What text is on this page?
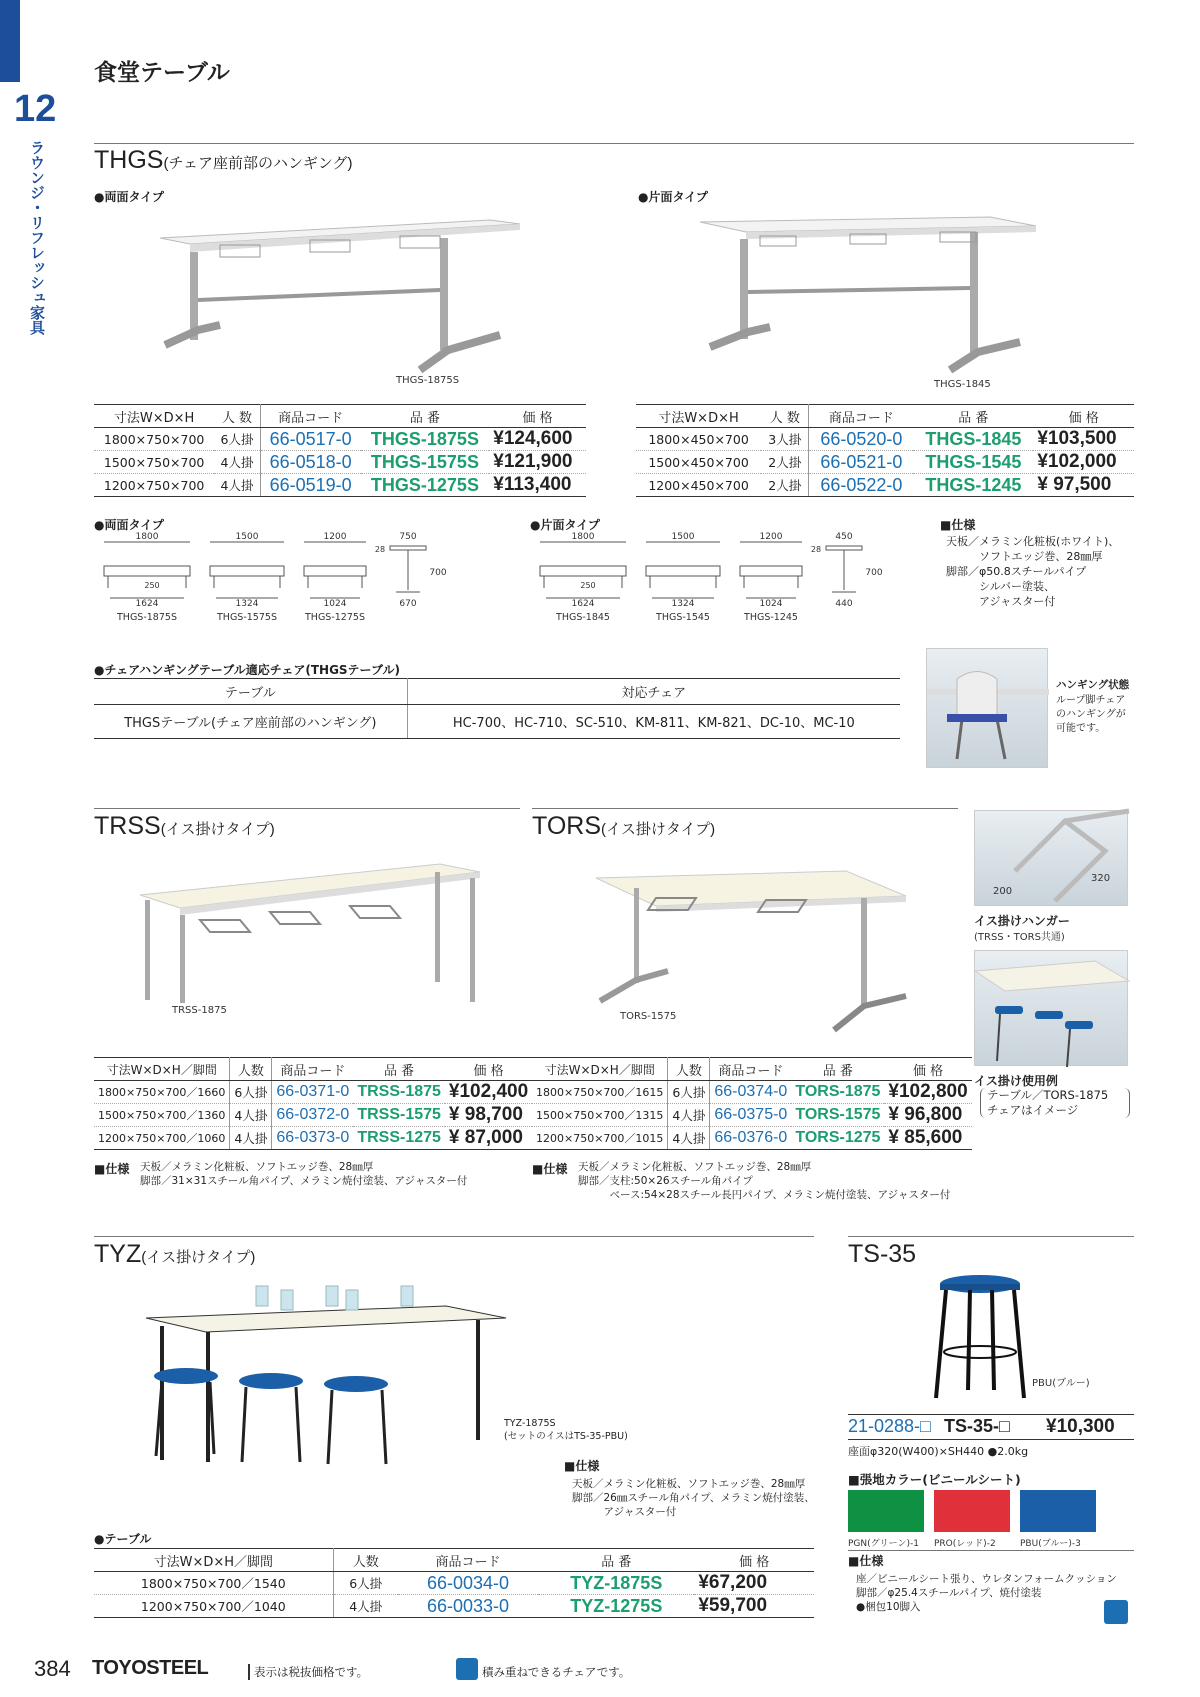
12
ラウンジ・リフレッシュ家具
食堂テーブル
THGS(チェア座前部のハンギング)
●両面タイプ	●片面タイプ
THGS-1875S	THGS-1845
寸法W×D×H	人 数	商品コード	品 番	価 格
1800×750×700	6人掛	66-0517-0	THGS-1875S	¥124,600
1500×750×700	4人掛	66-0518-0	THGS-1575S	¥121,900
1200×750×700	4人掛	66-0519-0	THGS-1275S	¥113,400
寸法W×D×H	人 数	商品コード	品 番	価 格
1800×450×700	3人掛	66-0520-0	THGS-1845	¥103,500
1500×450×700	2人掛	66-0521-0	THGS-1545	¥102,000
1200×450×700	2人掛	66-0522-0	THGS-1245	¥ 97,500
●両面タイプ	●片面タイプ
1800
1624
THGS-1875S
1500
1324
THGS-1575S
1200
1024
THGS-1275S
750
700
28
670
250
1800
1624
THGS-1845
1500
1324
THGS-1545
1200
1024
THGS-1245
450
700
28
440
250
■仕様
天板／メラミン化粧板(ホワイト)、
　　　ソフトエッジ巻、28㎜厚
脚部／φ50.8スチールパイプ
　　　シルバー塗装、
　　　アジャスター付
●チェアハンギングテーブル適応チェア(THGSテーブル)
テーブル	対応チェア
THGSテーブル(チェア座前部のハンギング)	HC-700、HC-710、SC-510、KM-811、KM-821、DC-10、MC-10
ハンギング状態
ループ脚チェア
のハンギングが
可能です。
TRSS(イス掛けタイプ)	TORS(イス掛けタイプ)
TRSS-1875
TORS-1575
寸法W×D×H／脚間	人数	商品コード	品 番	価 格
1800×750×700／1660	6人掛	66-0371-0	TRSS-1875	¥102,400
1500×750×700／1360	4人掛	66-0372-0	TRSS-1575	¥ 98,700
1200×750×700／1060	4人掛	66-0373-0	TRSS-1275	¥ 87,000
寸法W×D×H／脚間	人数	商品コード	品 番	価 格
1800×750×700／1615	6人掛	66-0374-0	TORS-1875	¥102,800
1500×750×700／1315	4人掛	66-0375-0	TORS-1575	¥ 96,800
1200×750×700／1015	4人掛	66-0376-0	TORS-1275	¥ 85,600
■仕様 天板／メラミン化粧板、ソフトエッジ巻、28㎜厚
脚部／31×31スチール角パイプ、メラミン焼付塗装、アジャスター付
■仕様 天板／メラミン化粧板、ソフトエッジ巻、28㎜厚
脚部／支柱:50×26スチール角パイプ
　　　ベース:54×28スチール長円パイプ、メラミン焼付塗装、アジャスター付
200
320
イス掛けハンガー
(TRSS・TORS共通)
イス掛け使用例
テーブル／TORS-1875
チェアはイメージ
TYZ(イス掛けタイプ)
TYZ-1875S
(セットのイスはTS-35-PBU)
■仕様
天板／メラミン化粧板、ソフトエッジ巻、28㎜厚
脚部／26㎜スチール角パイプ、メラミン焼付塗装、
　　　アジャスター付
●テーブル
寸法W×D×H／脚間	人数	商品コード	品 番	価 格
1800×750×700／1540	6人掛	66-0034-0	TYZ-1875S	¥67,200
1200×750×700／1040	4人掛	66-0033-0	TYZ-1275S	¥59,700
TS-35
PBU(ブルー)
21-0288-□ TS-35-□ ¥10,300
座面φ320(W400)×SH440 ●2.0kg
■張地カラー(ビニールシート)
PGN(グリーン)-1 PRO(レッド)-2	PBU(ブルー)-3
■仕様
座／ビニールシート張り、ウレタンフォームクッション
脚部／φ25.4スチールパイプ、焼付塗装
●梱包10脚入
384 TOYOSTEEL	表示は税抜価格です。	積み重ねできるチェアです。
